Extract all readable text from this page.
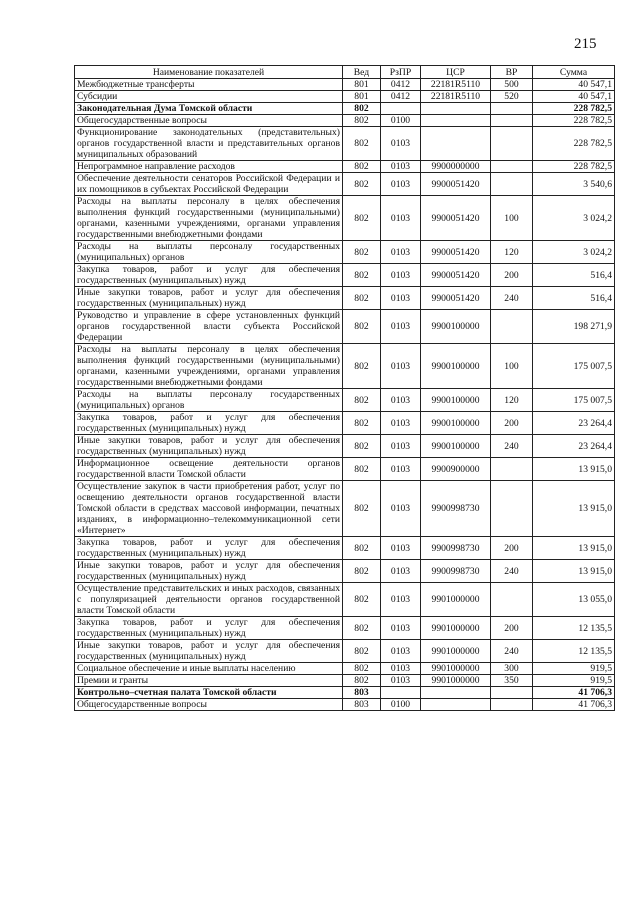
215
Наименование показателей	Вед	РзПР	ЦСР	ВР	Сумма
Межбюджетные трансферты	801	0412	22181R5110	500	40 547,1
Субсидии	801	0412	22181R5110	520	40 547,1
Законодательная Дума Томской области	802				228 782,5
Общегосударственные вопросы	802	0100			228 782,5
Функционирование законодательных (представительных) органов государственной власти и представительных органов муниципальных образований	802	0103			228 782,5
Непрограммное направление расходов	802	0103	9900000000		228 782,5
Обеспечение деятельности сенаторов Российской Федерации и их помощников в субъектах Российской Федерации	802	0103	9900051420		3 540,6
Расходы на выплаты персоналу в целях обеспечения выполнения функций государственными (муниципальными) органами, казенными учреждениями, органами управления государственными внебюджетными фондами	802	0103	9900051420	100	3 024,2
Расходы на выплаты персоналу государственных (муниципальных) органов	802	0103	9900051420	120	3 024,2
Закупка товаров, работ и услуг для обеспечения государственных (муниципальных) нужд	802	0103	9900051420	200	516,4
Иные закупки товаров, работ и услуг для обеспечения государственных (муниципальных) нужд	802	0103	9900051420	240	516,4
Руководство и управление в сфере установленных функций органов государственной власти субъекта Российской Федерации	802	0103	9900100000		198 271,9
Расходы на выплаты персоналу в целях обеспечения выполнения функций государственными (муниципальными) органами, казенными учреждениями, органами управления государственными внебюджетными фондами	802	0103	9900100000	100	175 007,5
Расходы на выплаты персоналу государственных (муниципальных) органов	802	0103	9900100000	120	175 007,5
Закупка товаров, работ и услуг для обеспечения государственных (муниципальных) нужд	802	0103	9900100000	200	23 264,4
Иные закупки товаров, работ и услуг для обеспечения государственных (муниципальных) нужд	802	0103	9900100000	240	23 264,4
Информационное освещение деятельности органов государственной власти Томской области	802	0103	9900900000		13 915,0
Осуществление закупок в части приобретения работ, услуг по освещению деятельности органов государственной власти Томской области в средствах массовой информации, печатных изданиях, в информационно–телекоммуникационной сети «Интернет»	802	0103	9900998730		13 915,0
Закупка товаров, работ и услуг для обеспечения государственных (муниципальных) нужд	802	0103	9900998730	200	13 915,0
Иные закупки товаров, работ и услуг для обеспечения государственных (муниципальных) нужд	802	0103	9900998730	240	13 915,0
Осуществление представительских и иных расходов, связанных с популяризацией деятельности органов государственной власти Томской области	802	0103	9901000000		13 055,0
Закупка товаров, работ и услуг для обеспечения государственных (муниципальных) нужд	802	0103	9901000000	200	12 135,5
Иные закупки товаров, работ и услуг для обеспечения государственных (муниципальных) нужд	802	0103	9901000000	240	12 135,5
Социальное обеспечение и иные выплаты населению	802	0103	9901000000	300	919,5
Премии и гранты	802	0103	9901000000	350	919,5
Контрольно–счетная палата Томской области	803				41 706,3
Общегосударственные вопросы	803	0100			41 706,3
